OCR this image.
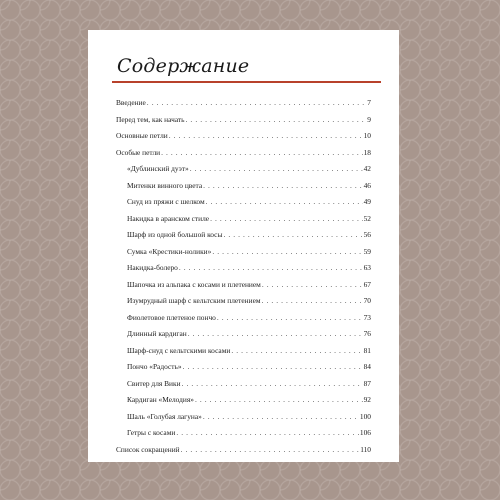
Содержание
Введение . . .	7
Перед тем, как начать . . .	9
Основные петли . . .	10
Особые петли . . .	18
«Дублинский дуэт» . . .	42
Митенки винного цвета . . .	46
Снуд из пряжи с шелком . . .	49
Накидка в аранском стиле . . .	52
Шарф из одной большой косы . . .	56
Сумка «Крестики-нолики» . . .	59
Накидка-болеро . . .	63
Шапочка из альпака с косами и плетением . . .	67
Изумрудный шарф с кельтским плетением . . .	70
Фиолетовое плетеное пончо . . .	73
Длинный кардиган . . .	76
Шарф-снуд с кельтскими косами . . .	81
Пончо «Радость» . . .	84
Свитер для Вики . . .	87
Кардиган «Мелодия» . . .	92
Шаль «Голубая лагуна» . . .	100
Гетры с косами . . .	106
Список сокращений . . .	110
